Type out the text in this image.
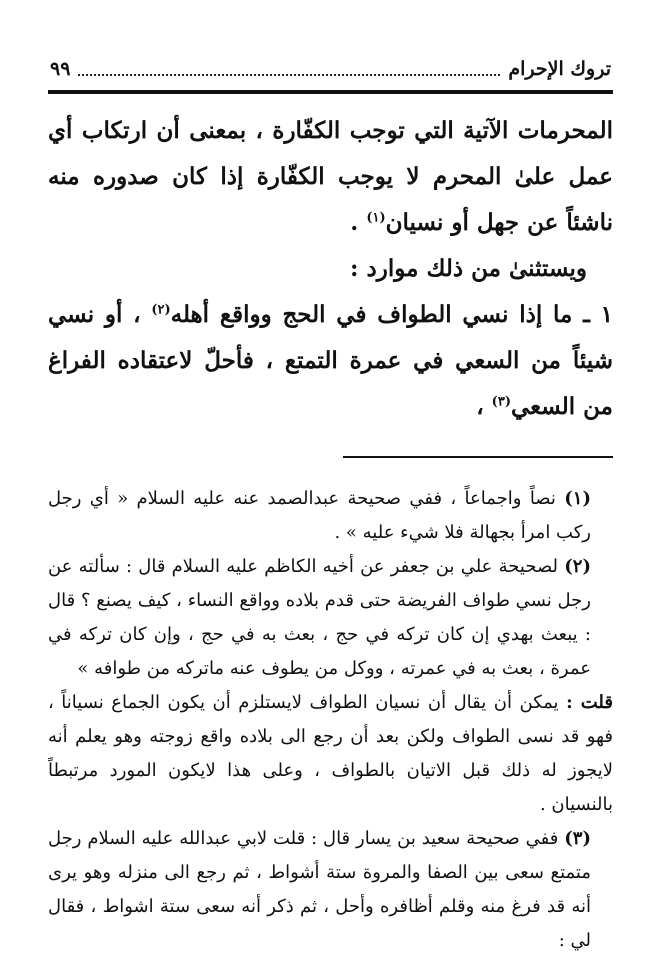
تروك الإحرام
٩٩

المحرمات الآتية التي توجب الكفّارة ، بمعنى أن ارتكاب أي عمل علىٰ المحرم لا يوجب الكفّارة إذا كان صدوره منه ناشئاً عن جهل أو نسيان$^{(١)}$ .

ويستثنىٰ من ذلك موارد :

١ ـ ما إذا نسي الطواف في الحج وواقع أهله$^{(٢)}$ ، أو نسي شيئاً من السعي في عمرة التمتع ، فأحلّ لاعتقاده الفراغ من السعي$^{(٣)}$ ،

(١) نصاً واجماعاً ، ففي صحيحة عبدالصمد عنه عليه السلام « أي رجل ركب امرأ بجهالة فلا شيء عليه » .

(٢) لصحيحة علي بن جعفر عن أخيه الكاظم عليه السلام قال : سألته عن رجل نسي طواف الفريضة حتى قدم بلاده وواقع النساء ، كيف يصنع ؟ قال : يبعث بهدي إن كان تركه في حج ، بعث به في حج ، وإن كان تركه في عمرة ، بعث به في عمرته ، ووكل من يطوف عنه ماتركه من طوافه »

قلت : يمكن أن يقال أن نسيان الطواف لايستلزم أن يكون الجماع نسياناً ، فهو قد نسى الطواف ولكن بعد أن رجع الى بلاده واقع زوجته وهو يعلم أنه لايجوز له ذلك قبل الاتيان بالطواف ، وعلى هذا لايكون المورد مرتبطاً بالنسيان .

(٣) ففي صحيحة سعيد بن يسار قال : قلت لابي عبدالله عليه السلام رجل متمتع سعى بين الصفا والمروة ستة أشواط ، ثم رجع الى منزله وهو يرى أنه قد فرغ منه وقلم أظافره وأحل ، ثم ذكر أنه سعى ستة اشواط ، فقال لي :
